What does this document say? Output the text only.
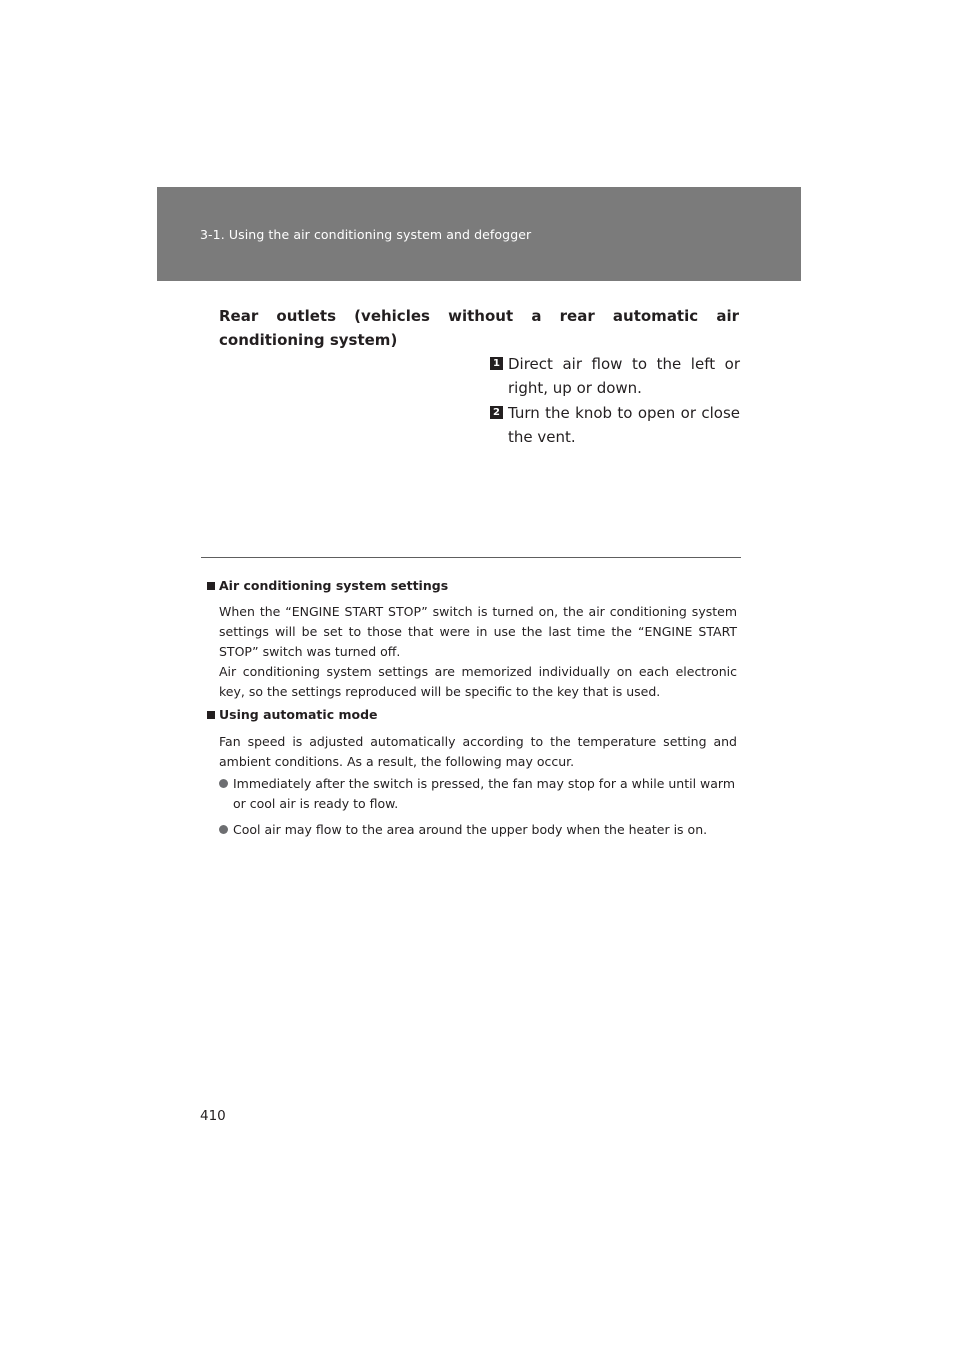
3-1. Using the air conditioning system and defogger
Rear outlets (vehicles without a rear automatic air conditioning system)
1 Direct air flow to the left or right, up or down.
2 Turn the knob to open or close the vent.
Air conditioning system settings

When the “ENGINE START STOP” switch is turned on, the air conditioning system settings will be set to those that were in use the last time the “ENGINE START STOP” switch was turned off.

Air conditioning system settings are memorized individually on each electronic key, so the settings reproduced will be specific to the key that is used.

Using automatic mode

Fan speed is adjusted automatically according to the temperature setting and ambient conditions. As a result, the following may occur.

Immediately after the switch is pressed, the fan may stop for a while until warm or cool air is ready to flow.
Cool air may flow to the area around the upper body when the heater is on.
410
